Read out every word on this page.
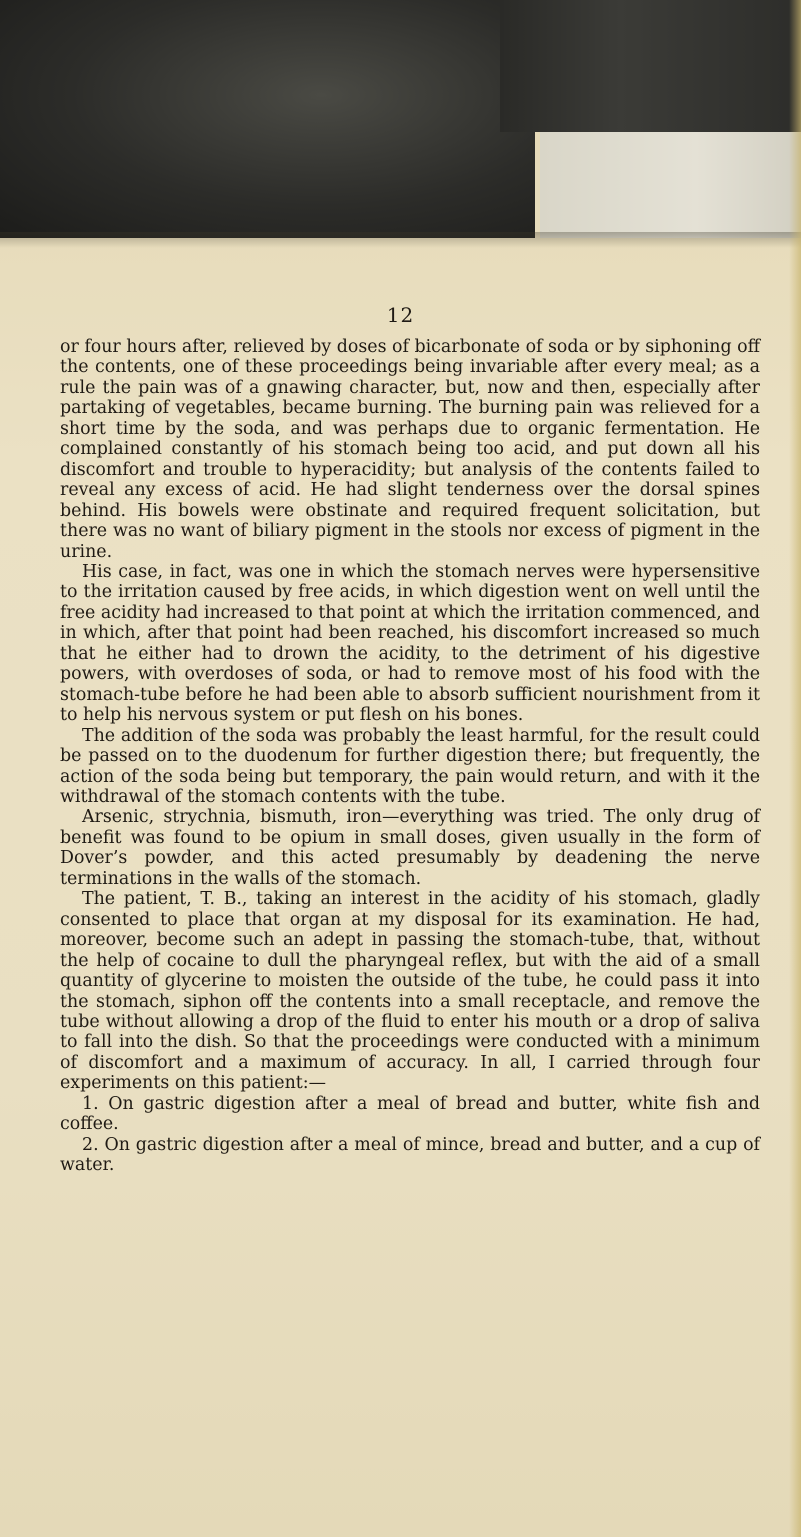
12

or four hours after, relieved by doses of bicarbonate of soda or by siphoning off the contents, one of these proceedings being invariable after every meal; as a rule the pain was of a gnawing character, but, now and then, especially after partaking of vegetables, became burning. The burning pain was relieved for a short time by the soda, and was perhaps due to organic fermentation. He complained constantly of his stomach being too acid, and put down all his discomfort and trouble to hyperacidity; but analysis of the contents failed to reveal any excess of acid. He had slight tenderness over the dorsal spines behind. His bowels were obstinate and required frequent solicitation, but there was no want of biliary pigment in the stools nor excess of pigment in the urine.

His case, in fact, was one in which the stomach nerves were hypersensitive to the irritation caused by free acids, in which digestion went on well until the free acidity had increased to that point at which the irritation commenced, and in which, after that point had been reached, his discomfort increased so much that he either had to drown the acidity, to the detriment of his digestive powers, with overdoses of soda, or had to remove most of his food with the stomach-tube before he had been able to absorb sufficient nourishment from it to help his nervous system or put flesh on his bones.

The addition of the soda was probably the least harmful, for the result could be passed on to the duodenum for further digestion there; but frequently, the action of the soda being but temporary, the pain would return, and with it the withdrawal of the stomach contents with the tube.

Arsenic, strychnia, bismuth, iron—everything was tried. The only drug of benefit was found to be opium in small doses, given usually in the form of Dover’s powder, and this acted presumably by deadening the nerve terminations in the walls of the stomach.

The patient, T. B., taking an interest in the acidity of his stomach, gladly consented to place that organ at my disposal for its examination. He had, moreover, become such an adept in passing the stomach-tube, that, without the help of cocaine to dull the pharyngeal reflex, but with the aid of a small quantity of glycerine to moisten the outside of the tube, he could pass it into the stomach, siphon off the contents into a small receptacle, and remove the tube without allowing a drop of the fluid to enter his mouth or a drop of saliva to fall into the dish. So that the proceedings were conducted with a minimum of discomfort and a maximum of accuracy. In all, I carried through four experiments on this patient:—

1. On gastric digestion after a meal of bread and butter, white fish and coffee.

2. On gastric digestion after a meal of mince, bread and butter, and a cup of water.
